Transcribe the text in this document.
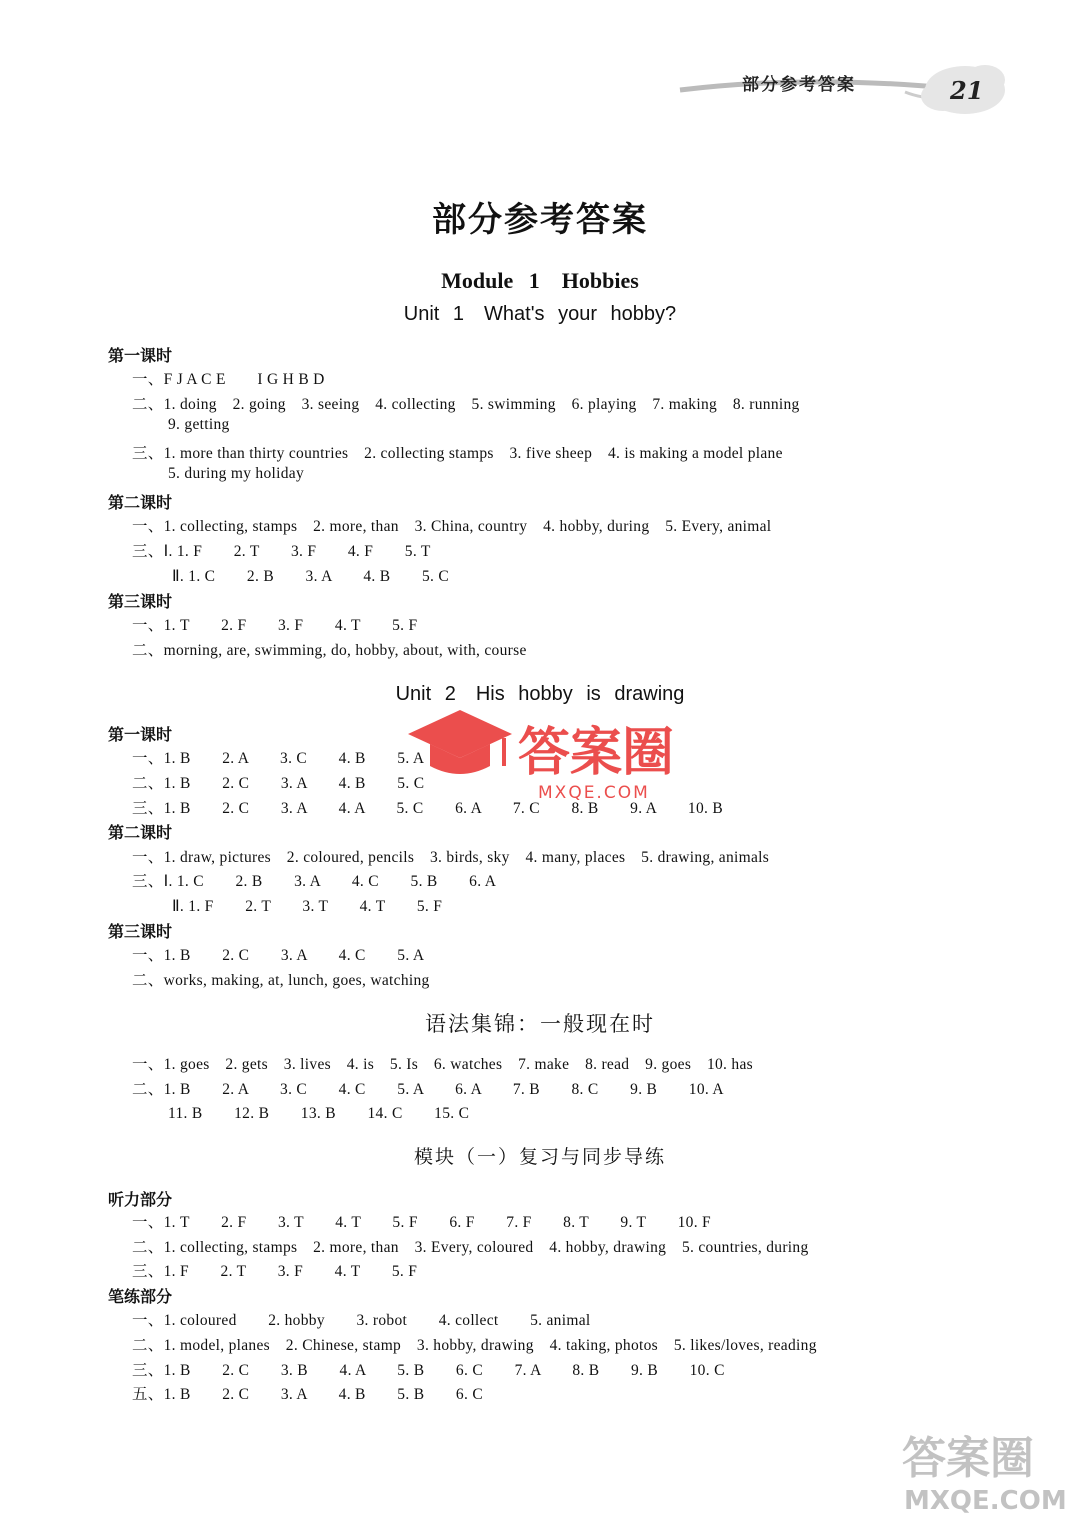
部分参考答案	21
部分参考答案
Module 1　Hobbies
Unit 1　What's your hobby?
第一课时
一、F J A C E　　I G H B D
二、1. doing　2. going　3. seeing　4. collecting　5. swimming　6. playing　7. making　8. running
9. getting
三、1. more than thirty countries　2. collecting stamps　3. five sheep　4. is making a model plane
5. during my holiday
第二课时
一、1. collecting, stamps　2. more, than　3. China, country　4. hobby, during　5. Every, animal
三、Ⅰ. 1. F　　2. T　　3. F　　4. F　　5. T
Ⅱ. 1. C　　2. B　　3. A　　4. B　　5. C
第三课时
一、1. T　　2. F　　3. F　　4. T　　5. F
二、morning, are, swimming, do, hobby, about, with, course
Unit 2　His hobby is drawing
第一课时
一、1. B　　2. A　　3. C　　4. B　　5. A
二、1. B　　2. C　　3. A　　4. B　　5. C
三、1. B　　2. C　　3. A　　4. A　　5. C　　6. A　　7. C　　8. B　　9. A　　10. B
第二课时
一、1. draw, pictures　2. coloured, pencils　3. birds, sky　4. many, places　5. drawing, animals
三、Ⅰ. 1. C　　2. B　　3. A　　4. C　　5. B　　6. A
Ⅱ. 1. F　　2. T　　3. T　　4. T　　5. F
第三课时
一、1. B　　2. C　　3. A　　4. C　　5. A
二、works, making, at, lunch, goes, watching
语法集锦：一般现在时
一、1. goes　2. gets　3. lives　4. is　5. Is　6. watches　7. make　8. read　9. goes　10. has
二、1. B　　2. A　　3. C　　4. C　　5. A　　6. A　　7. B　　8. C　　9. B　　10. A
11. B　　12. B　　13. B　　14. C　　15. C
模块（一）复习与同步导练
听力部分
一、1. T　　2. F　　3. T　　4. T　　5. F　　6. F　　7. F　　8. T　　9. T　　10. F
二、1. collecting, stamps　2. more, than　3. Every, coloured　4. hobby, drawing　5. countries, during
三、1. F　　2. T　　3. F　　4. T　　5. F
笔练部分
一、1. coloured　　2. hobby　　3. robot　　4. collect　　5. animal
二、1. model, planes　2. Chinese, stamp　3. hobby, drawing　4. taking, photos　5. likes/loves, reading
三、1. B　　2. C　　3. B　　4. A　　5. B　　6. C　　7. A　　8. B　　9. B　　10. C
五、1. B　　2. C　　3. A　　4. B　　5. B　　6. C
答案圈
MXQE.COM
答案圈
MXQE.COM
